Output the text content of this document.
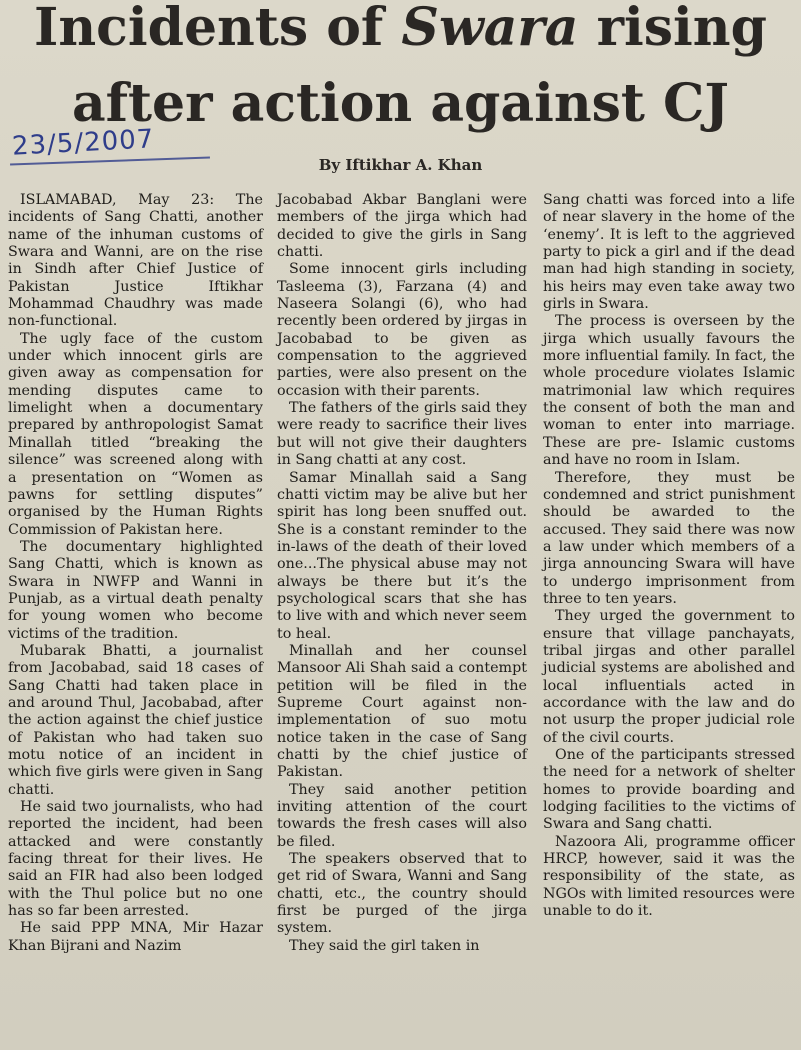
Incidents of Swara rising
after action against CJ
23/5/2007
By Iftikhar A. Khan

ISLAMABAD, May 23: The incidents of Sang Chatti, another name of the inhuman customs of Swara and Wanni, are on the rise in Sindh after Chief Justice of Pakistan Justice Iftikhar Mohammad Chaudhry was made non-functional.

The ugly face of the custom under which innocent girls are given away as compensation for mending disputes came to limelight when a documentary prepared by anthropologist Samat Minallah titled “breaking the silence” was screened along with a presentation on “Women as pawns for settling disputes” organised by the Human Rights Commission of Pakistan here.

The documentary highlighted Sang Chatti, which is known as Swara in NWFP and Wanni in Punjab, as a virtual death penalty for young women who become victims of the tradition.

Mubarak Bhatti, a journalist from Jacobabad, said 18 cases of Sang Chatti had taken place in and around Thul, Jacobabad, after the action against the chief justice of Pakistan who had taken suo motu notice of an incident in which five girls were given in Sang chatti.

He said two journalists, who had reported the incident, had been attacked and were constantly facing threat for their lives. He said an FIR had also been lodged with the Thul police but no one has so far been arrested.

He said PPP MNA, Mir Hazar Khan Bijrani and Nazim

Jacobabad Akbar Banglani were members of the jirga which had decided to give the girls in Sang chatti.

Some innocent girls including Tasleema (3), Farzana (4) and Naseera Solangi (6), who had recently been ordered by jirgas in Jacobabad to be given as compensation to the aggrieved parties, were also present on the occasion with their parents.

The fathers of the girls said they were ready to sacrifice their lives but will not give their daughters in Sang chatti at any cost.

Samar Minallah said a Sang chatti victim may be alive but her spirit has long been snuffed out. She is a constant reminder to the in-laws of the death of their loved one...The physical abuse may not always be there but it’s the psychological scars that she has to live with and which never seem to heal.

Minallah and her counsel Mansoor Ali Shah said a contempt petition will be filed in the Supreme Court against non-implementation of suo motu notice taken in the case of Sang chatti by the chief justice of Pakistan.

They said another petition inviting attention of the court towards the fresh cases will also be filed.

The speakers observed that to get rid of Swara, Wanni and Sang chatti, etc., the country should first be purged of the jirga system.

They said the girl taken in

Sang chatti was forced into a life of near slavery in the home of the ‘enemy’. It is left to the aggrieved party to pick a girl and if the dead man had high standing in society, his heirs may even take away two girls in Swara.

The process is overseen by the jirga which usually favours the more influential family. In fact, the whole procedure violates Islamic matrimonial law which requires the consent of both the man and woman to enter into marriage. These are pre- Islamic customs and have no room in Islam.

Therefore, they must be condemned and strict punishment should be awarded to the accused. They said there was now a law under which members of a jirga announcing Swara will have to undergo imprisonment from three to ten years.

They urged the government to ensure that village panchayats, tribal jirgas and other parallel judicial systems are abolished and local influentials acted in accordance with the law and do not usurp the proper judicial role of the civil courts.

One of the participants stressed the need for a network of shelter homes to provide boarding and lodging facilities to the victims of Swara and Sang chatti.

Nazoora Ali, programme officer HRCP, however, said it was the responsibility of the state, as NGOs with limited resources were unable to do it.
